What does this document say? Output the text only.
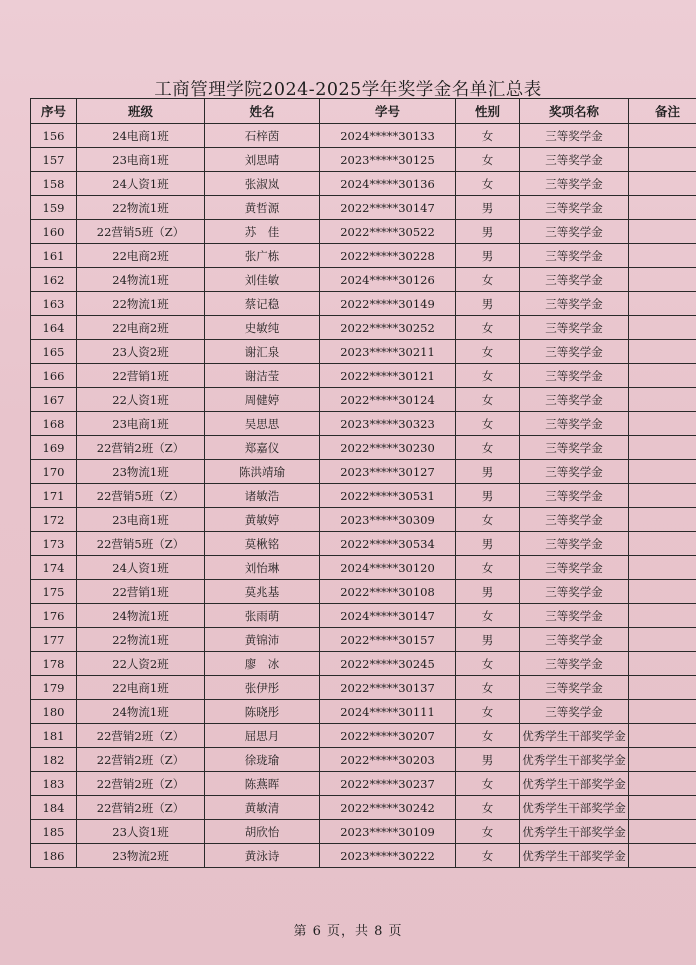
工商管理学院2024-2025学年奖学金名单汇总表
序号	班级	姓名	学号	性别	奖项名称	备注
156	24电商1班	石梓茵	2024*****30133	女	三等奖学金	
157	23电商1班	刘思晴	2023*****30125	女	三等奖学金	
158	24人资1班	张淑岚	2024*****30136	女	三等奖学金	
159	22物流1班	黄哲源	2022*****30147	男	三等奖学金	
160	22营销5班（Z）	苏　佳	2022*****30522	男	三等奖学金	
161	22电商2班	张广栋	2022*****30228	男	三等奖学金	
162	24物流1班	刘佳敏	2024*****30126	女	三等奖学金	
163	22物流1班	蔡记稳	2022*****30149	男	三等奖学金	
164	22电商2班	史敏纯	2022*****30252	女	三等奖学金	
165	23人资2班	谢汇泉	2023*****30211	女	三等奖学金	
166	22营销1班	谢洁莹	2022*****30121	女	三等奖学金	
167	22人资1班	周健婷	2022*****30124	女	三等奖学金	
168	23电商1班	吴思思	2023*****30323	女	三等奖学金	
169	22营销2班（Z）	郑嘉仪	2022*****30230	女	三等奖学金	
170	23物流1班	陈洪靖瑜	2023*****30127	男	三等奖学金	
171	22营销5班（Z）	诸敏浩	2022*****30531	男	三等奖学金	
172	23电商1班	黄敏婷	2023*****30309	女	三等奖学金	
173	22营销5班（Z）	莫楸铭	2022*****30534	男	三等奖学金	
174	24人资1班	刘怡琳	2024*****30120	女	三等奖学金	
175	22营销1班	莫兆基	2022*****30108	男	三等奖学金	
176	24物流1班	张雨萌	2024*****30147	女	三等奖学金	
177	22物流1班	黄锦沛	2022*****30157	男	三等奖学金	
178	22人资2班	廖　冰	2022*****30245	女	三等奖学金	
179	22电商1班	张伊彤	2022*****30137	女	三等奖学金	
180	24物流1班	陈晓彤	2024*****30111	女	三等奖学金	
181	22营销2班（Z）	屈思月	2022*****30207	女	优秀学生干部奖学金	
182	22营销2班（Z）	徐珑瑜	2022*****30203	男	优秀学生干部奖学金	
183	22营销2班（Z）	陈燕晖	2022*****30237	女	优秀学生干部奖学金	
184	22营销2班（Z）	黄敏清	2022*****30242	女	优秀学生干部奖学金	
185	23人资1班	胡欣怡	2023*****30109	女	优秀学生干部奖学金	
186	23物流2班	黄泳诗	2023*****30222	女	优秀学生干部奖学金	
第 6 页，共 8 页
